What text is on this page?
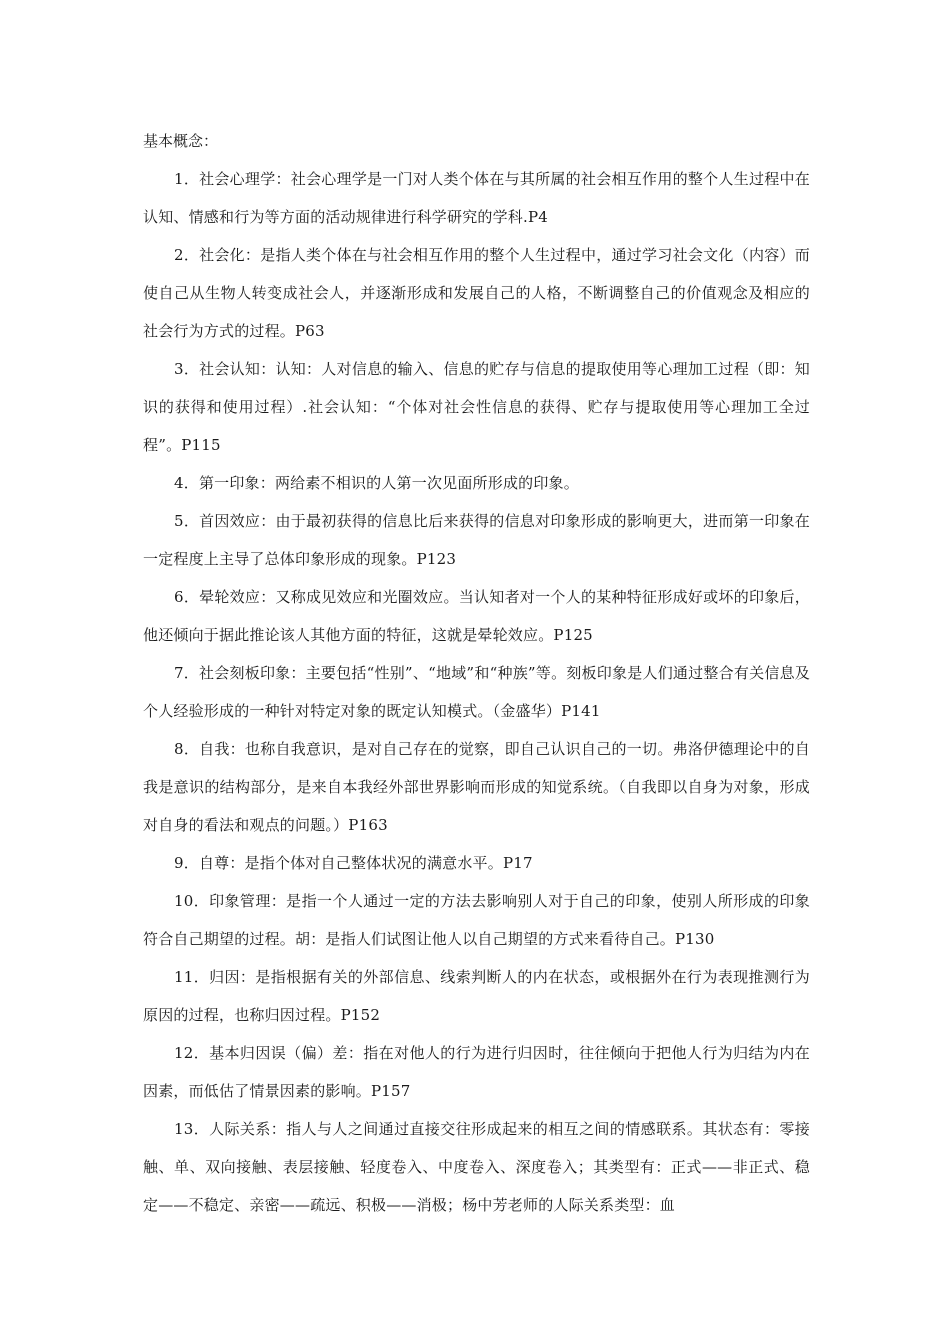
基本概念：

1．社会心理学：社会心理学是一门对人类个体在与其所属的社会相互作用的整个人生过程中在认知、情感和行为等方面的活动规律进行科学研究的学科.P4

2．社会化：是指人类个体在与社会相互作用的整个人生过程中，通过学习社会文化（内容）而使自己从生物人转变成社会人，并逐渐形成和发展自己的人格，不断调整自己的价值观念及相应的社会行为方式的过程。P63

3．社会认知：认知：人对信息的输入、信息的贮存与信息的提取使用等心理加工过程（即：知识的获得和使用过程）.社会认知：“个体对社会性信息的获得、贮存与提取使用等心理加工全过程”。P115

4．第一印象：两给素不相识的人第一次见面所形成的印象。

5．首因效应：由于最初获得的信息比后来获得的信息对印象形成的影响更大，进而第一印象在一定程度上主导了总体印象形成的现象。P123

6．晕轮效应：又称成见效应和光圈效应。当认知者对一个人的某种特征形成好或坏的印象后，他还倾向于据此推论该人其他方面的特征，这就是晕轮效应。P125

7．社会刻板印象：主要包括“性别”、“地域”和“种族”等。刻板印象是人们通过整合有关信息及个人经验形成的一种针对特定对象的既定认知模式。（金盛华）P141

8．自我：也称自我意识，是对自己存在的觉察，即自己认识自己的一切。弗洛伊德理论中的自我是意识的结构部分，是来自本我经外部世界影响而形成的知觉系统。（自我即以自身为对象，形成对自身的看法和观点的问题。）P163

9．自尊：是指个体对自己整体状况的满意水平。P17

10．印象管理：是指一个人通过一定的方法去影响别人对于自己的印象，使别人所形成的印象符合自己期望的过程。胡：是指人们试图让他人以自己期望的方式来看待自己。P130

11．归因：是指根据有关的外部信息、线索判断人的内在状态，或根据外在行为表现推测行为原因的过程，也称归因过程。P152

12．基本归因误（偏）差：指在对他人的行为进行归因时，往往倾向于把他人行为归结为内在因素，而低估了情景因素的影响。P157

13．人际关系：指人与人之间通过直接交往形成起来的相互之间的情感联系。其状态有：零接触、单、双向接触、表层接触、轻度卷入、中度卷入、深度卷入；其类型有：正式——非正式、稳定——不稳定、亲密——疏远、积极——消极；杨中芳老师的人际关系类型：血
